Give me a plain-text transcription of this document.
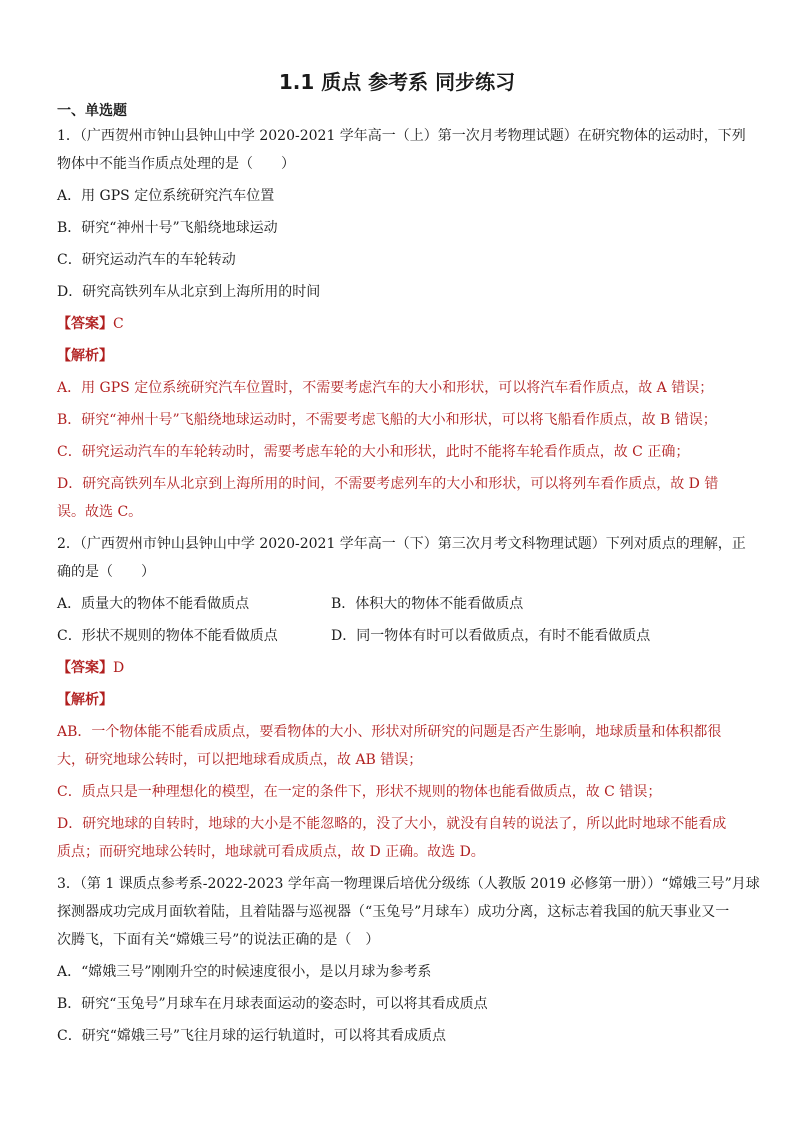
1.1 质点 参考系 同步练习
一、单选题

1．（广西贺州市钟山县钟山中学 2020-2021 学年高一（上）第一次月考物理试题）在研究物体的运动时，下列

物体中不能当作质点处理的是（　　）

A．用 GPS 定位系统研究汽车位置

B．研究“神州十号”飞船绕地球运动

C．研究运动汽车的车轮转动

D．研究高铁列车从北京到上海所用的时间

【答案】C

【解析】

A．用 GPS 定位系统研究汽车位置时，不需要考虑汽车的大小和形状，可以将汽车看作质点，故 A 错误；

B．研究“神州十号”飞船绕地球运动时，不需要考虑飞船的大小和形状，可以将飞船看作质点，故 B 错误；

C．研究运动汽车的车轮转动时，需要考虑车轮的大小和形状，此时不能将车轮看作质点，故 C 正确；

D．研究高铁列车从北京到上海所用的时间，不需要考虑列车的大小和形状，可以将列车看作质点，故 D 错

误。故选 C。

2．（广西贺州市钟山县钟山中学 2020-2021 学年高一（下）第三次月考文科物理试题）下列对质点的理解，正

确的是（　　）

A．质量大的物体不能看做质点	B．体积大的物体不能看做质点
C．形状不规则的物体不能看做质点	D．同一物体有时可以看做质点，有时不能看做质点

【答案】D

【解析】

AB．一个物体能不能看成质点，要看物体的大小、形状对所研究的问题是否产生影响，地球质量和体积都很

大，研究地球公转时，可以把地球看成质点，故 AB 错误；

C．质点只是一种理想化的模型，在一定的条件下，形状不规则的物体也能看做质点，故 C 错误；

D．研究地球的自转时，地球的大小是不能忽略的，没了大小，就没有自转的说法了，所以此时地球不能看成

质点；而研究地球公转时，地球就可看成质点，故 D 正确。故选 D。

3．（第 1 课质点参考系-2022-2023 学年高一物理课后培优分级练（人教版 2019 必修第一册））“嫦娥三号”月球

探测器成功完成月面软着陆，且着陆器与巡视器（“玉兔号”月球车）成功分离，这标志着我国的航天事业又一

次腾飞，下面有关“嫦娥三号”的说法正确的是（　）

A．“嫦娥三号”刚刚升空的时候速度很小，是以月球为参考系

B．研究“玉兔号”月球车在月球表面运动的姿态时，可以将其看成质点

C．研究“嫦娥三号”飞往月球的运行轨道时，可以将其看成质点
